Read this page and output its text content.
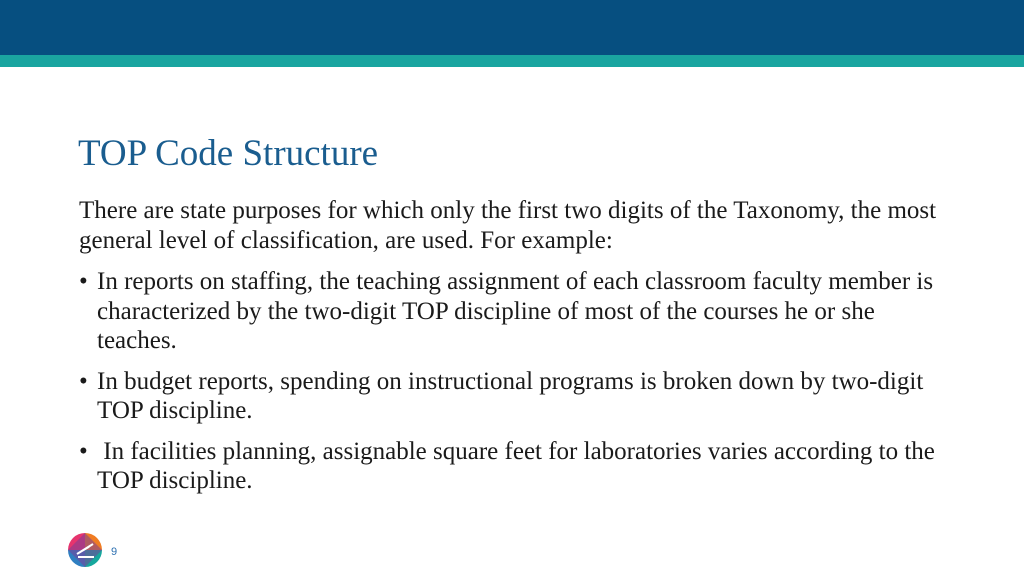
TOP Code Structure

There are state purposes for which only the first two digits of the Taxonomy, the most general level of classification, are used. For example:

• In reports on staffing, the teaching assignment of each classroom faculty member is characterized by the two-digit TOP discipline of most of the courses he or she teaches.
• In budget reports, spending on instructional programs is broken down by two-digit TOP discipline.
• In facilities planning, assignable square feet for laboratories varies according to the TOP discipline.
9
